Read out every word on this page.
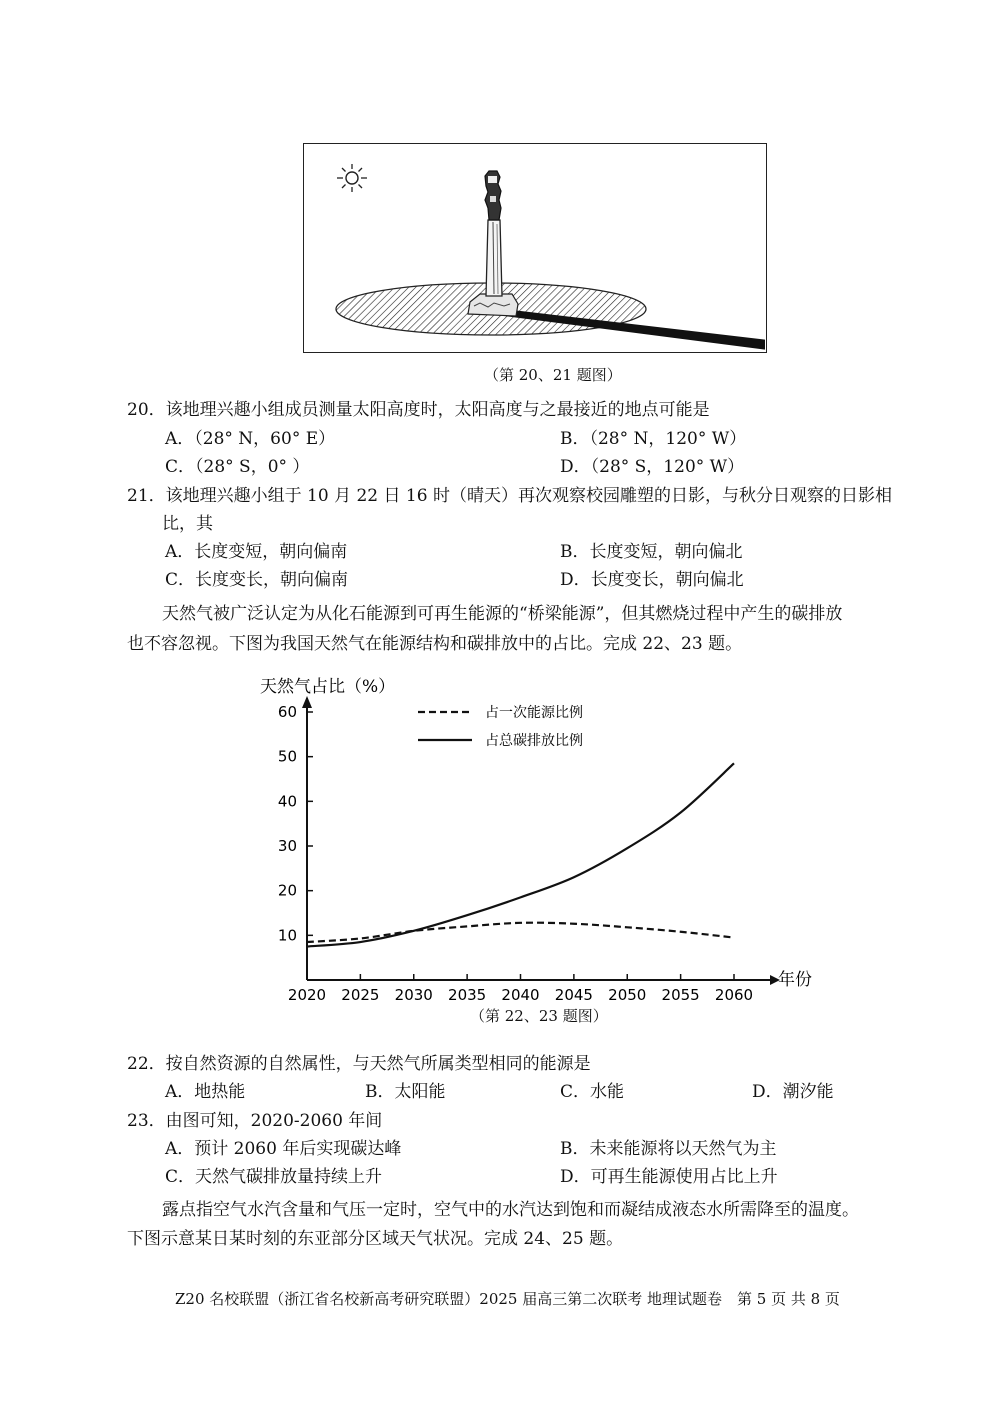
（第 20、21 题图）
20．该地理兴趣小组成员测量太阳高度时，太阳高度与之最接近的地点可能是
A．（28° N，60° E）	B．（28° N，120° W）
C．（28° S，0° ）	D．（28° S，120° W）
21．该地理兴趣小组于 10 月 22 日 16 时（晴天）再次观察校园雕塑的日影，与秋分日观察的日影相
比，其
A．长度变短，朝向偏南	B．长度变短，朝向偏北
C．长度变长，朝向偏南	D．长度变长，朝向偏北
天然气被广泛认定为从化石能源到可再生能源的“桥梁能源”，但其燃烧过程中产生的碳排放
也不容忽视。下图为我国天然气在能源结构和碳排放中的占比。完成 22、23 题。
2020 2025 2030 2035 2040 2045 2050 2055 2060
10
20
30
40
50
60	占一次能源比例
占总碳排放比例
天然气占比（%）
年份
（第 22、23 题图）
22．按自然资源的自然属性，与天然气所属类型相同的能源是
A．地热能	B．太阳能	C．水能	D．潮汐能
23．由图可知，2020-2060 年间
A．预计 2060 年后实现碳达峰	B．未来能源将以天然气为主
C．天然气碳排放量持续上升	D．可再生能源使用占比上升
露点指空气水汽含量和气压一定时，空气中的水汽达到饱和而凝结成液态水所需降至的温度。
下图示意某日某时刻的东亚部分区域天气状况。完成 24、25 题。
Z20 名校联盟（浙江省名校新高考研究联盟）2025 届高三第二次联考 地理试题卷　第 5 页 共 8 页
